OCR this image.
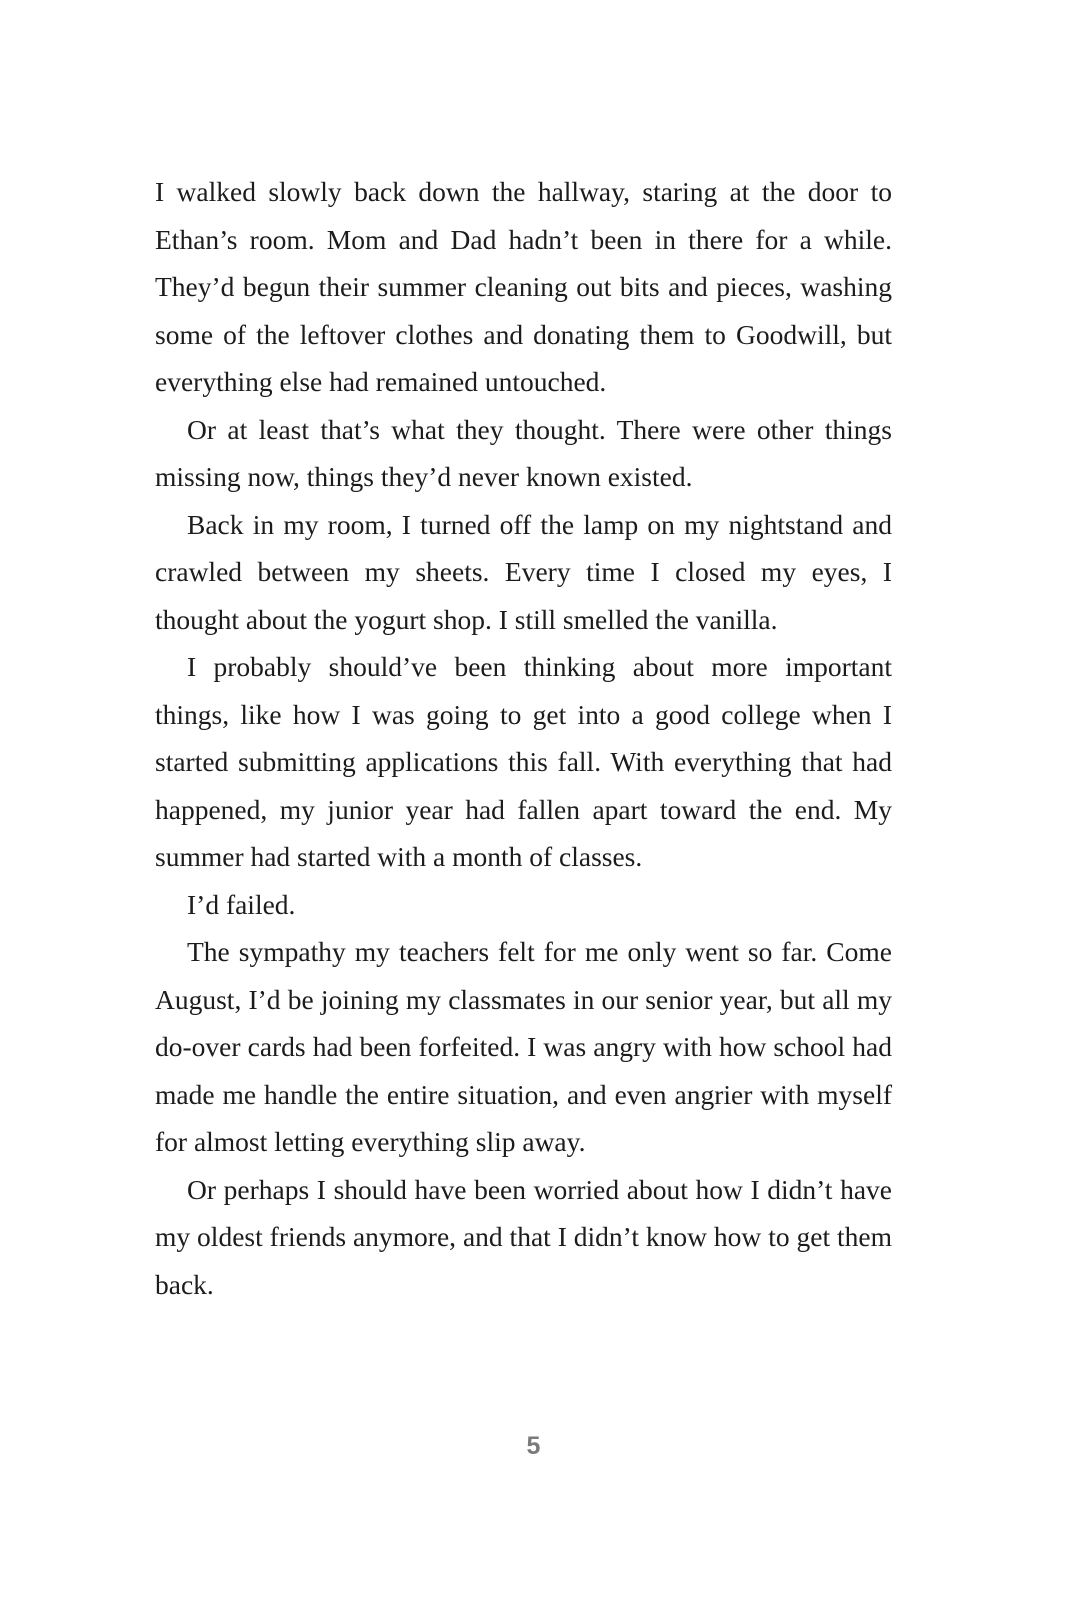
I walked slowly back down the hallway, staring at the door to Ethan’s room. Mom and Dad hadn’t been in there for a while. They’d begun their summer cleaning out bits and pieces, washing some of the leftover clothes and donating them to Goodwill, but everything else had remained untouched.

Or at least that’s what they thought. There were other things missing now, things they’d never known existed.

Back in my room, I turned off the lamp on my nightstand and crawled between my sheets. Every time I closed my eyes, I thought about the yogurt shop. I still smelled the vanilla.

I probably should’ve been thinking about more important things, like how I was going to get into a good college when I started submitting applications this fall. With everything that had happened, my junior year had fallen apart toward the end. My summer had started with a month of classes.

I’d failed.

The sympathy my teachers felt for me only went so far. Come August, I’d be joining my classmates in our senior year, but all my do-over cards had been forfeited. I was angry with how school had made me handle the entire situation, and even angrier with myself for almost letting everything slip away.

Or perhaps I should have been worried about how I didn’t have my oldest friends anymore, and that I didn’t know how to get them back.

5
